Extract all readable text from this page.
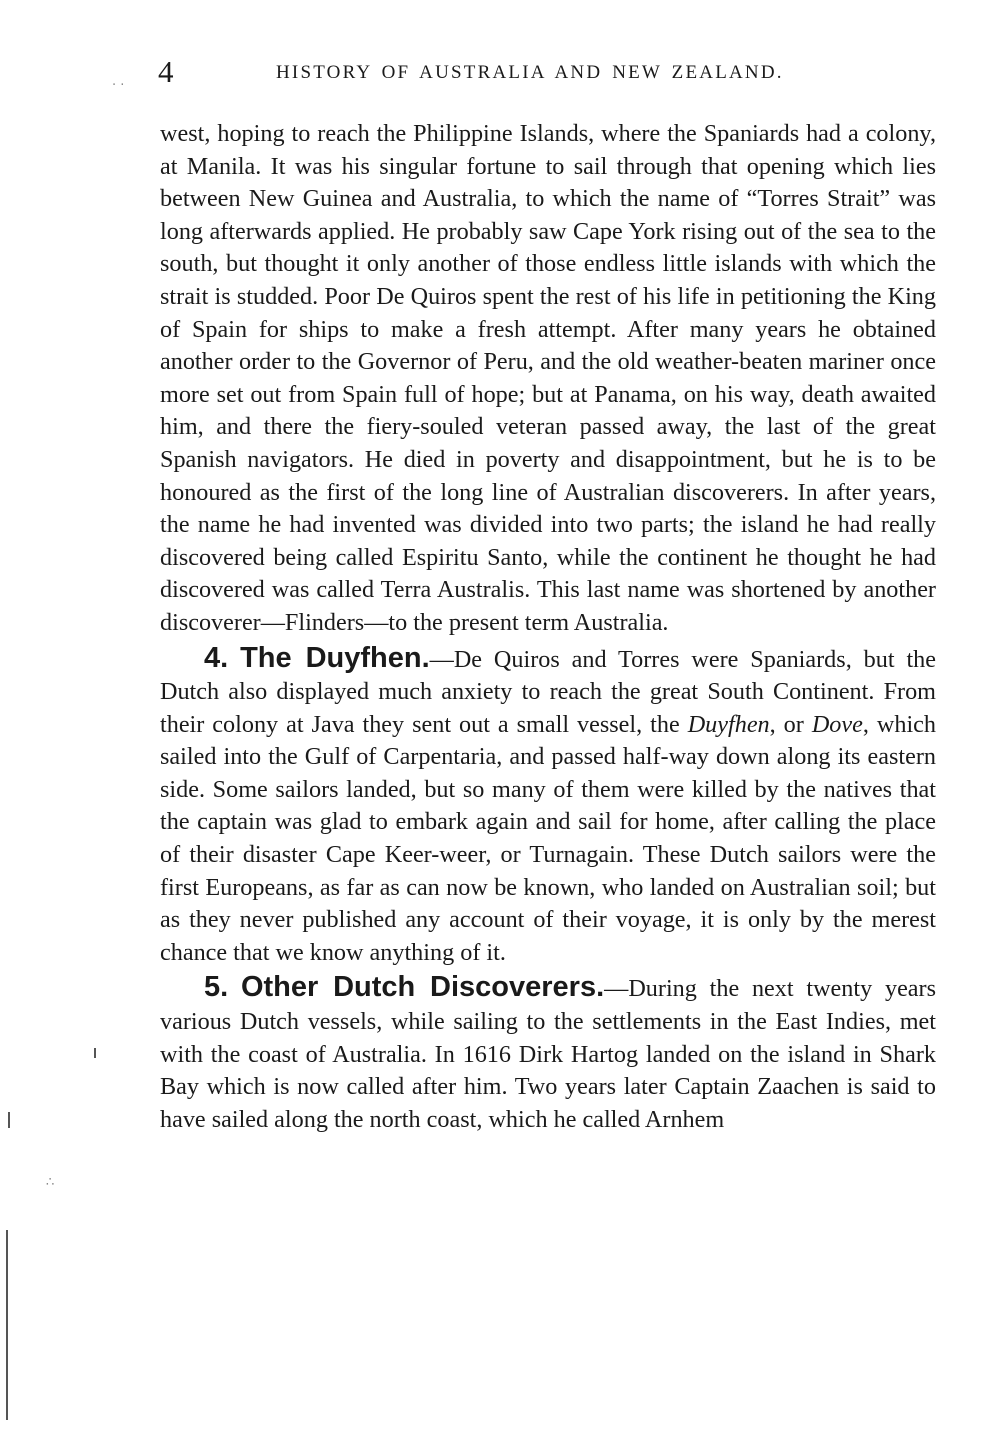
4	HISTORY OF AUSTRALIA AND NEW ZEALAND.

west, hoping to reach the Philippine Islands, where the Spaniards had a colony, at Manila. It was his singular fortune to sail through that opening which lies between New Guinea and Australia, to which the name of “Torres Strait” was long afterwards applied. He probably saw Cape York rising out of the sea to the south, but thought it only another of those endless little islands with which the strait is studded. Poor De Quiros spent the rest of his life in petitioning the King of Spain for ships to make a fresh attempt. After many years he obtained another order to the Governor of Peru, and the old weather-beaten mariner once more set out from Spain full of hope; but at Panama, on his way, death awaited him, and there the fiery-souled veteran passed away, the last of the great Spanish navigators. He died in poverty and disappointment, but he is to be honoured as the first of the long line of Australian discoverers. In after years, the name he had invented was divided into two parts; the island he had really discovered being called Espiritu Santo, while the continent he thought he had discovered was called Terra Australis. This last name was shortened by another discoverer—Flinders—to the present term Australia.

4. The Duyfhen.—De Quiros and Torres were Spaniards, but the Dutch also displayed much anxiety to reach the great South Continent. From their colony at Java they sent out a small vessel, the Duyfhen, or Dove, which sailed into the Gulf of Carpentaria, and passed half-way down along its eastern side. Some sailors landed, but so many of them were killed by the natives that the captain was glad to embark again and sail for home, after calling the place of their disaster Cape Keer-weer, or Turnagain. These Dutch sailors were the first Europeans, as far as can now be known, who landed on Australian soil; but as they never published any account of their voyage, it is only by the merest chance that we know anything of it.

5. Other Dutch Discoverers.—During the next twenty years various Dutch vessels, while sailing to the settlements in the East Indies, met with the coast of Australia. In 1616 Dirk Hartog landed on the island in Shark Bay which is now called after him. Two years later Captain Zaachen is said to have sailed along the north coast, which he called Arnhem

· ·
∴
